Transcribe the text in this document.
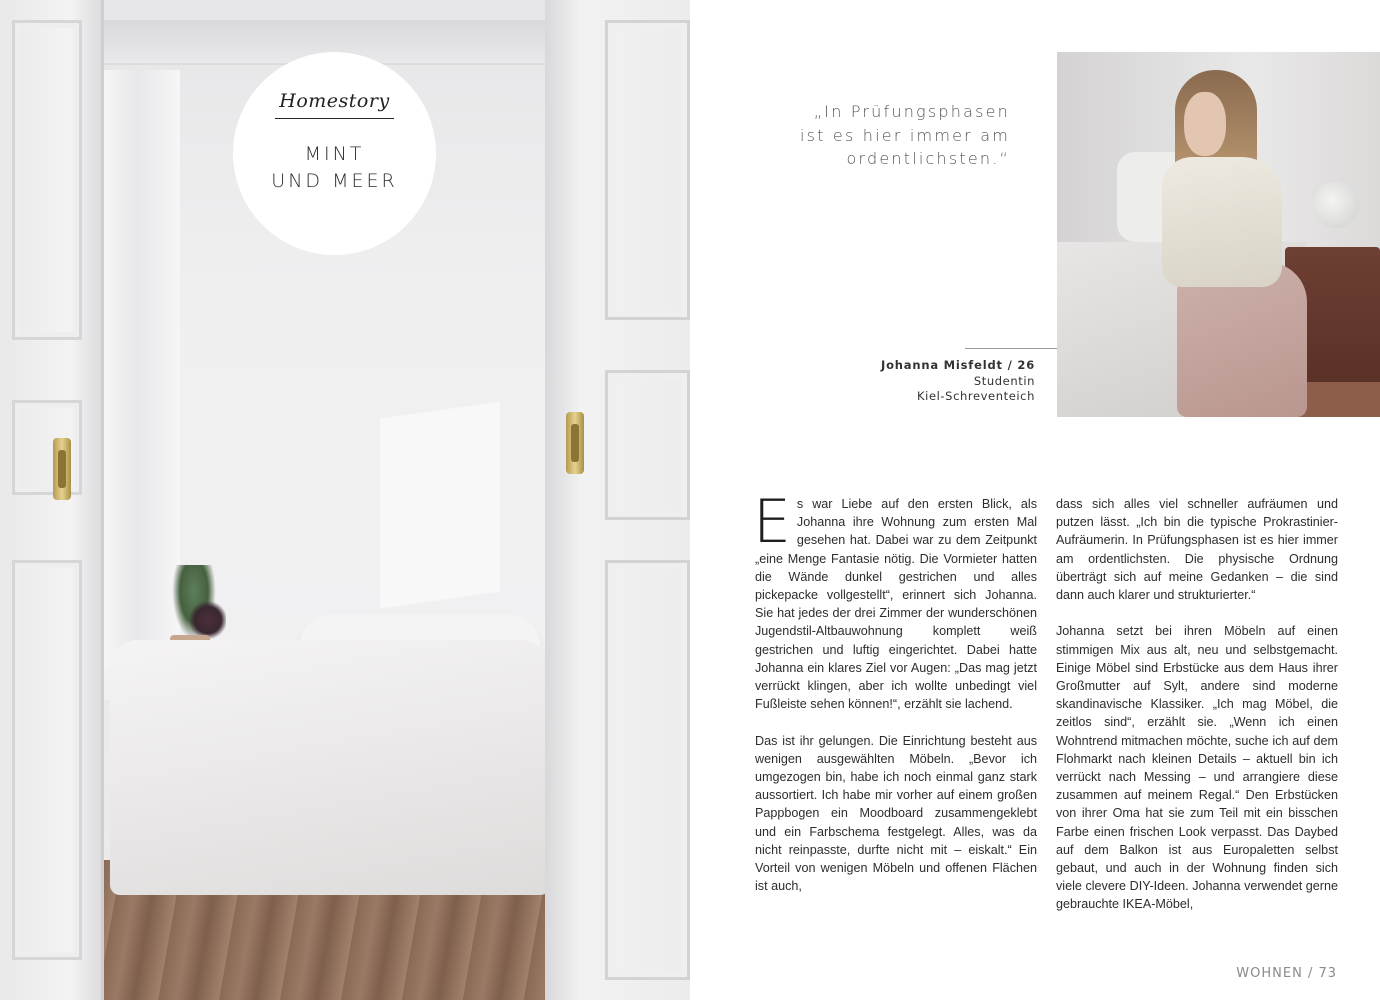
Homestory
MINT
UND MEER
„In Prüfungsphasen
ist es hier immer am
ordentlichsten.“
Johanna Misfeldt / 26
Studentin
Kiel-Schreventeich

Es war Liebe auf den ersten Blick, als Johanna ihre Wohnung zum ersten Mal gesehen hat. Dabei war zu dem Zeitpunkt „eine Menge Fantasie nötig. Die Vormieter hatten die Wände dunkel gestrichen und alles pickepacke vollgestellt“, erinnert sich Johanna. Sie hat jedes der drei Zimmer der wunderschönen Jugendstil-Altbauwohnung komplett weiß gestrichen und luftig eingerichtet. Dabei hatte Johanna ein klares Ziel vor Augen: „Das mag jetzt verrückt klingen, aber ich wollte unbedingt viel Fußleiste sehen können!“, erzählt sie lachend.

Das ist ihr gelungen. Die Einrichtung besteht aus wenigen ausgewählten Möbeln. „Bevor ich umgezogen bin, habe ich noch einmal ganz stark aussortiert. Ich habe mir vorher auf einem großen Pappbogen ein Moodboard zusammengeklebt und ein Farbschema festgelegt. Alles, was da nicht reinpasste, durfte nicht mit – eiskalt.“ Ein Vorteil von wenigen Möbeln und offenen Flächen ist auch,

dass sich alles viel schneller aufräumen und putzen lässt. „Ich bin die typische Prokrastinier-Aufräumerin. In Prüfungsphasen ist es hier immer am ordentlichsten. Die physische Ordnung überträgt sich auf meine Gedanken – die sind dann auch klarer und strukturierter.“

Johanna setzt bei ihren Möbeln auf einen stimmigen Mix aus alt, neu und selbstgemacht. Einige Möbel sind Erbstücke aus dem Haus ihrer Großmutter auf Sylt, andere sind moderne skandinavische Klassiker. „Ich mag Möbel, die zeitlos sind“, erzählt sie. „Wenn ich einen Wohntrend mitmachen möchte, suche ich auf dem Flohmarkt nach kleinen Details – aktuell bin ich verrückt nach Messing – und arrangiere diese zusammen auf meinem Regal.“ Den Erbstücken von ihrer Oma hat sie zum Teil mit ein bisschen Farbe einen frischen Look verpasst. Das Daybed auf dem Balkon ist aus Europaletten selbst gebaut, und auch in der Wohnung finden sich viele clevere DIY-Ideen. Johanna verwendet gerne gebrauchte IKEA-Möbel,

WOHNEN / 73
